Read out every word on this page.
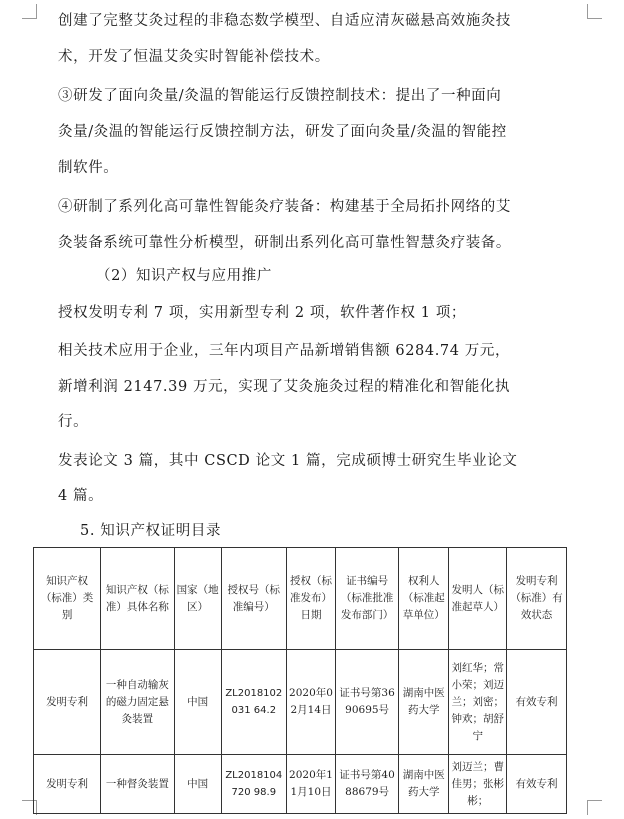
创建了完整艾灸过程的非稳态数学模型、自适应清灰磁悬高效施灸技
术，开发了恒温艾灸实时智能补偿技术。
③研发了面向灸量/灸温的智能运行反馈控制技术：提出了一种面向
灸量/灸温的智能运行反馈控制方法，研发了面向灸量/灸温的智能控
制软件。
④研制了系列化高可靠性智能灸疗装备：构建基于全局拓扑网络的艾
灸装备系统可靠性分析模型，研制出系列化高可靠性智慧灸疗装备。
（2）知识产权与应用推广
授权发明专利 7 项，实用新型专利 2 项，软件著作权 1 项；
相关技术应用于企业，三年内项目产品新增销售额 6284.74 万元，
新增利润 2147.39 万元，实现了艾灸施灸过程的精准化和智能化执
行。
发表论文 3 篇，其中 CSCD 论文 1 篇，完成硕博士研究生毕业论文
4 篇。
5. 知识产权证明目录
知识产权（标准）类别	知识产权（标准）具体名称	国家（地区）	授权号（标准编号）	授权（标准发布）日期	证书编号（标准批准发布部门）	权利人（标准起草单位）	发明人（标准起草人）	发明专利（标准）有效状态
发明专利	一种自动输灰的磁力固定悬灸装置	中国	ZL2018102031 64.2	2020年02月14日	证书号第3690695号	湖南中医药大学	刘红华；常小荣；刘迈兰；刘密；钟欢；胡舒宁	有效专利
发明专利	一种督灸装置	中国	ZL2018104720 98.9	2020年11月10日	证书号第4088679号	湖南中医药大学	刘迈兰；曹佳男；张彬彬；	有效专利
